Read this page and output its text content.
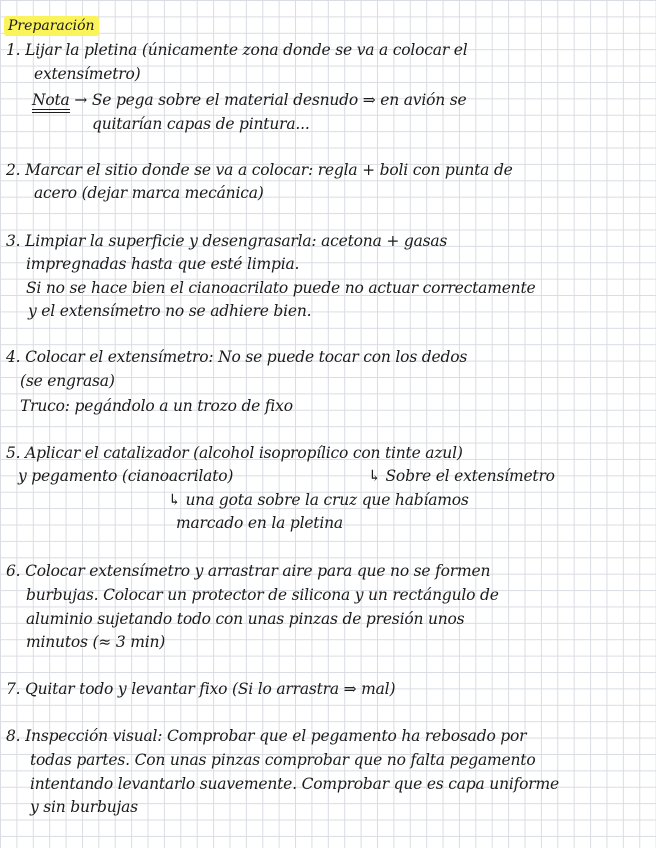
Preparación
1. Lijar la pletina (únicamente zona donde se va a colocar el
extensímetro)
Nota → Se pega sobre el material desnudo ⇒ en avión se
quitarían capas de pintura...
2. Marcar el sitio donde se va a colocar: regla + boli con punta de
acero (dejar marca mecánica)
3. Limpiar la superficie y desengrasarla: acetona + gasas
impregnadas hasta que esté limpia.
Si no se hace bien el cianoacrilato puede no actuar correctamente
y el extensímetro no se adhiere bien.
4. Colocar el extensímetro: No se puede tocar con los dedos
(se engrasa)
Truco: pegándolo a un trozo de fixo
5. Aplicar el catalizador (alcohol isopropílico con tinte azul)
y pegamento (cianoacrilato)	↳ Sobre el extensímetro
↳ una gota sobre la cruz que habíamos
marcado en la pletina
6. Colocar extensímetro y arrastrar aire para que no se formen
burbujas. Colocar un protector de silicona y un rectángulo de
aluminio sujetando todo con unas pinzas de presión unos
minutos (≈ 3 min)
7. Quitar todo y levantar fixo (Si lo arrastra ⇒ mal)
8. Inspección visual: Comprobar que el pegamento ha rebosado por
todas partes. Con unas pinzas comprobar que no falta pegamento
intentando levantarlo suavemente. Comprobar que es capa uniforme
y sin burbujas
